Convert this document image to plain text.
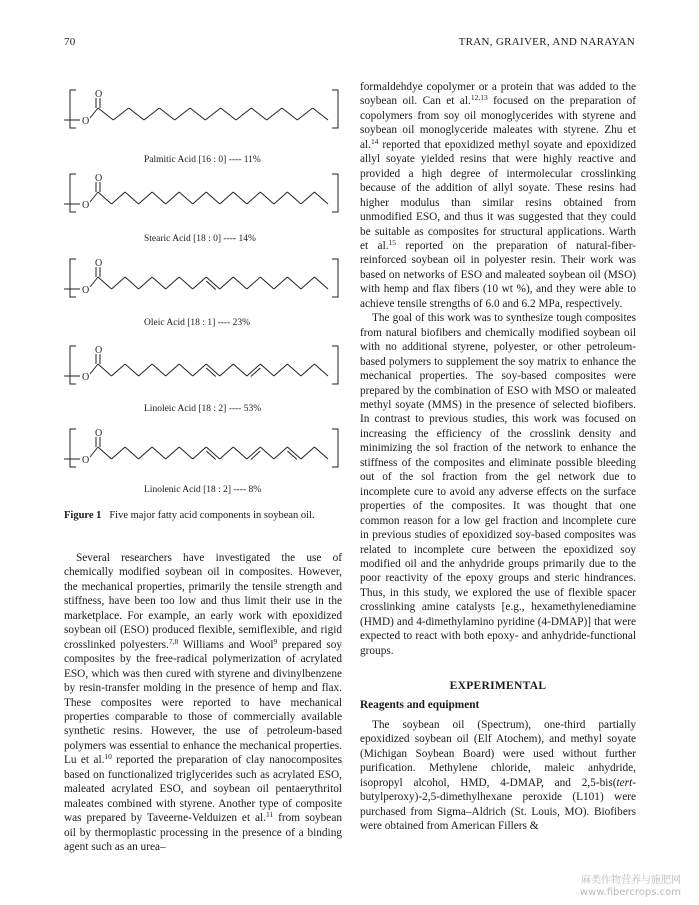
70	TRAN, GRAIVER, AND NARAYAN
O
O
Palmitic Acid [16 : 0] ---- 11%
O
O
Stearic Acid [18 : 0] ---- 14%
O
O
Oleic Acid [18 : 1] ---- 23%
O
O
Linoleic Acid [18 : 2] ---- 53%
O
O
Linolenic Acid [18 : 2] ---- 8%
Figure 1 Five major fatty acid components in soybean oil.

Several researchers have investigated the use of chemically modified soybean oil in composites. However, the mechanical properties, primarily the tensile strength and stiffness, have been too low and thus limit their use in the marketplace. For example, an early work with epoxidized soybean oil (ESO) produced flexible, semiflexible, and rigid crosslinked polyesters.$^{7,8}$ Williams and Wool$^9$ prepared soy composites by the free-radical polymerization of acrylated ESO, which was then cured with styrene and divinylbenzene by resin-transfer molding in the presence of hemp and flax. These composites were reported to have mechanical properties comparable to those of commercially available synthetic resins. However, the use of petroleum-based polymers was essential to enhance the mechanical properties. Lu et al.$^{10}$ reported the preparation of clay nanocomposites based on functionalized triglycerides such as acrylated ESO, maleated acrylated ESO, and soybean oil pentaerythritol maleates combined with styrene. Another type of composite was prepared by Taveerne-Velduizen et al.$^{11}$ from soybean oil by thermoplastic processing in the presence of a binding agent such as an urea–

formaldehdye copolymer or a protein that was added to the soybean oil. Can et al.$^{12,13}$ focused on the preparation of copolymers from soy oil monoglycerides with styrene and soybean oil monoglyceride maleates with styrene. Zhu et al.$^{14}$ reported that epoxidized methyl soyate and epoxidized allyl soyate yielded resins that were highly reactive and provided a high degree of intermolecular crosslinking because of the addition of allyl soyate. These resins had higher modulus than similar resins obtained from unmodified ESO, and thus it was suggested that they could be suitable as composites for structural applications. Warth et al.$^{15}$ reported on the preparation of natural-fiber-reinforced soybean oil in polyester resin. Their work was based on networks of ESO and maleated soybean oil (MSO) with hemp and flax fibers (10 wt %), and they were able to achieve tensile strengths of 6.0 and 6.2 MPa, respectively.

The goal of this work was to synthesize tough composites from natural biofibers and chemically modified soybean oil with no additional styrene, polyester, or other petroleum-based polymers to supplement the soy matrix to enhance the mechanical properties. The soy-based composites were prepared by the combination of ESO with MSO or maleated methyl soyate (MMS) in the presence of selected biofibers. In contrast to previous studies, this work was focused on increasing the efficiency of the crosslink density and minimizing the sol fraction of the network to enhance the stiffness of the composites and eliminate possible bleeding out of the sol fraction from the gel network due to incomplete cure to avoid any adverse effects on the surface properties of the composites. It was thought that one common reason for a low gel fraction and incomplete cure in previous studies of epoxidized soy-based composites was related to incomplete cure between the epoxidized soy modified oil and the anhydride groups primarily due to the poor reactivity of the epoxy groups and steric hindrances. Thus, in this study, we explored the use of flexible spacer crosslinking amine catalysts [e.g., hexamethylenediamine (HMD) and 4-dimethylamino pyridine (4-DMAP)] that were expected to react with both epoxy- and anhydride-functional groups.

EXPERIMENTAL
Reagents and equipment

The soybean oil (Spectrum), one-third partially epoxidized soybean oil (Elf Atochem), and methyl soyate (Michigan Soybean Board) were used without further purification. Methylene chloride, maleic anhydride, isopropyl alcohol, HMD, 4-DMAP, and 2,5-bis(tert-butylperoxy)-2,5-dimethylhexane peroxide (L101) were purchased from Sigma–Aldrich (St. Louis, MO). Biofibers were obtained from American Fillers &

麻类作物营养与施肥网
www.fibercrops.com
